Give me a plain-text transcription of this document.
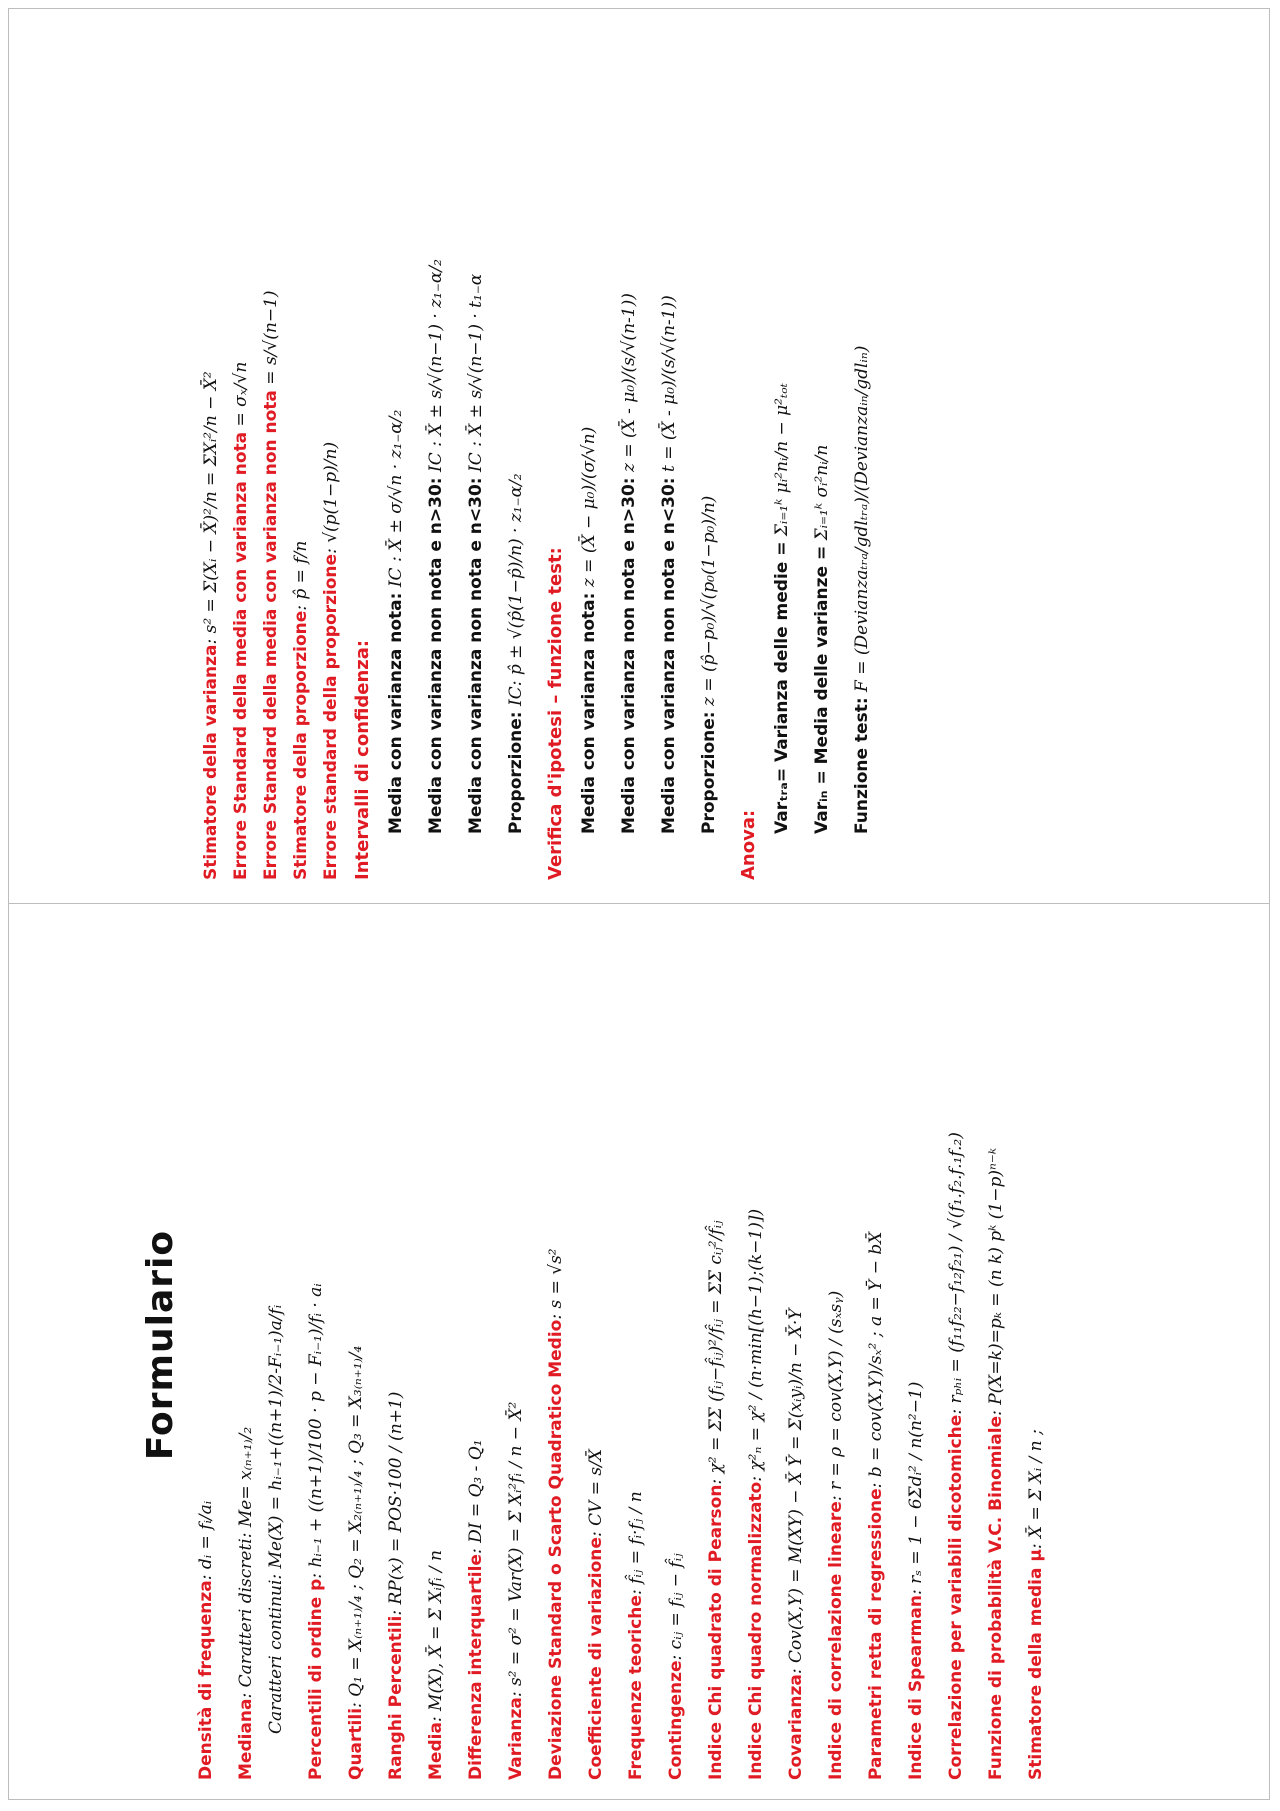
Stimatore della varianza: s² = Σ(Xᵢ − X̄)²/n = ΣXᵢ²/n − X̄² Errore Standard della media con varianza nota = σₓ/√n Errore Standard della media con varianza non nota = s/√(n−1)
Stimatore della proporzione: p̂ = f/n Errore standard della proporzione: √(p(1−p)/n)
Intervalli di confidenza: Media con varianza nota: IC : X̄ ± σ/√n · z₁₋α/₂ Media con varianza non nota e n>30: IC : X̄ ± s/√(n−1) · z₁₋α/₂
Media con varianza non nota e n<30: IC : X̄ ± s/√(n−1) · t₁₋α
Proporzione: IC: p̂ ± √(p̂(1−p̂)/n) · z₁₋α/₂ Verifica d'ipotesi – funzione test: Media con varianza nota: z = (X̄ − μ₀)/(σ/√n) Media con varianza non nota e n>30: z = (X̄ - μ₀)/(s/√(n-1))
Media con varianza non nota e n<30: t = (X̄ - μ₀)/(s/√(n-1))
Proporzione: z = (p̂−p₀)/√(p₀(1−p₀)/n)
Anova:
Varₜᵣₐ= Varianza delle medie = Σᵢ₌₁ᵏ μᵢ²nᵢ/n − μ²ₜₒₜ
Varᵢₙ = Media delle varianze = Σᵢ₌₁ᵏ σᵢ²nᵢ/n
Funzione test: F = (Devianzaₜᵣₐ/gdlₜᵣₐ)/(Devianzaᵢₙ/gdlᵢₙ)
Formulario
Densità di frequenza: dᵢ = fᵢ/aᵢ
Mediana: Caratteri discreti: Me= x₍ₙ₊₁₎/₂ Caratteri continui: Me(X) = hᵢ₋₁+((n+1)/2-Fᵢ₋₁)a/fᵢ Percentili di ordine p: hᵢ₋₁ + ((n+1)/100 · p − Fᵢ₋₁)/fᵢ · aᵢ
Quartili: Q₁ = X₍ₙ₊₁₎/₄ ; Q₂ = X₂₍ₙ₊₁₎/₄ ; Q₃ = X₃₍ₙ₊₁₎/₄ Ranghi Percentili: RP(x) = POS·100 / (n+1)
Media: M(X), X̄ = Σ Xᵢfᵢ / n Differenza interquartile: DI = Q₃ - Q₁
Varianza: s² = σ² = Var(X) = Σ Xᵢ²fᵢ / n − X̄² Deviazione Standard o Scarto Quadratico Medio: s = √s²
Coefficiente di variazione: CV = s/X̄
Frequenze teoriche: f̂ᵢⱼ = fᵢ·fⱼ / n
Contingenze: cᵢⱼ = fᵢⱼ − f̂ᵢⱼ Indice Chi quadrato di Pearson: χ² = ΣΣ (fᵢⱼ−f̂ᵢⱼ)²/f̂ᵢⱼ = ΣΣ cᵢⱼ²/f̂ᵢⱼ
Indice Chi quadro normalizzato: χ²ₙ = χ² / (n·min[(h−1);(k−1)])
Covarianza: Cov(X,Y) = M(XY) − X̄ Ȳ = Σ(xᵢyᵢ)/n − X̄·Ȳ Indice di correlazione lineare: r = ρ = cov(X,Y) / (sₓsᵧ)
Parametri retta di regressione: b = cov(X,Y)/sₓ² ; a = Ȳ − bX̄
Indice di Spearman: rₛ = 1 − 6Σdᵢ² / n(n²−1) Correlazione per variabili dicotomiche: rₚₕᵢ = (f₁₁f₂₂−f₁₂f₂₁) / √(f₁.f₂.f.₁f.₂)
Funzione di probabilità V.C. Binomiale: P(X=k)=pₖ = (n k) pᵏ (1−p)ⁿ⁻ᵏ
Stimatore della media μ: X̄ = Σ Xᵢ / n ;
